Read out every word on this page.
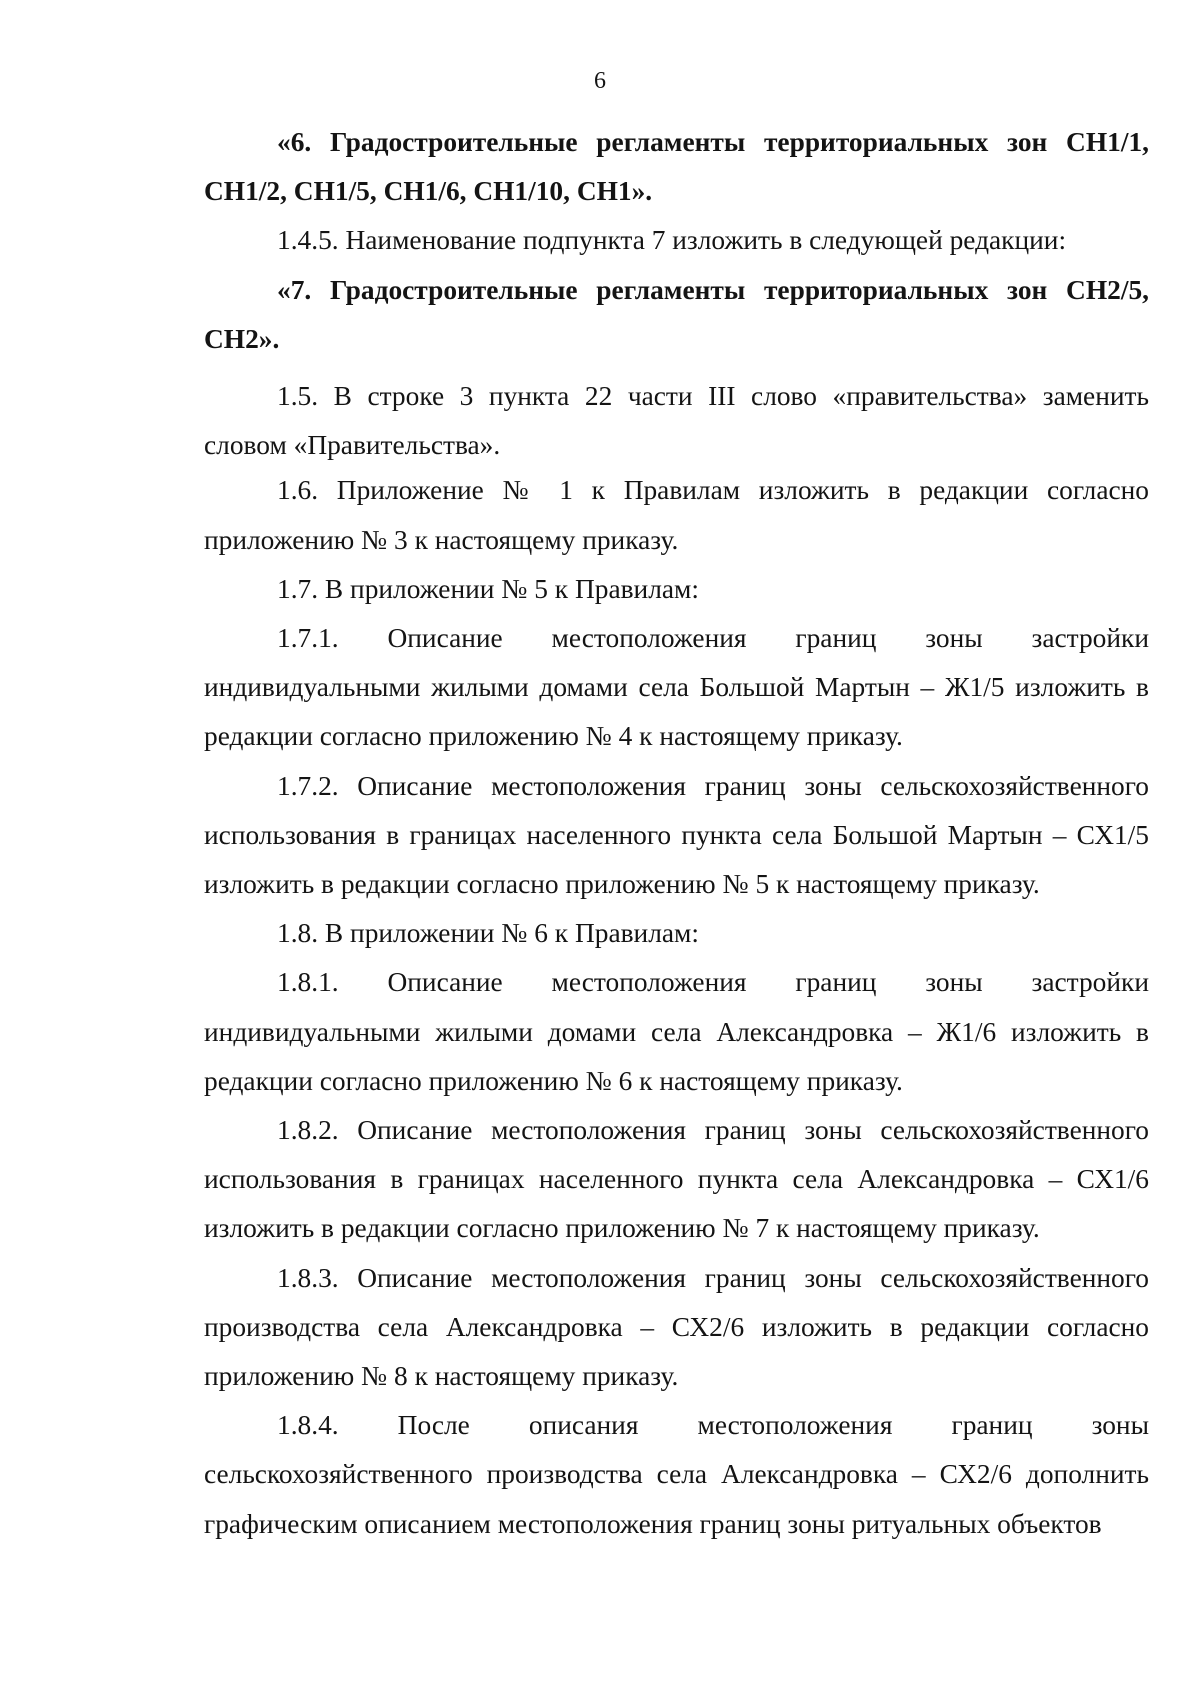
6

«6. Градостроительные регламенты территориальных зон СН1/1, СН1/2, СН1/5, СН1/6, СН1/10, СН1».

1.4.5. Наименование подпункта 7 изложить в следующей редакции:

«7. Градостроительные регламенты территориальных зон СН2/5, СН2».

1.5. В строке 3 пункта 22 части III слово «правительства» заменить словом «Правительства».

1.6. Приложение № 1 к Правилам изложить в редакции согласно приложению № 3 к настоящему приказу.

1.7. В приложении № 5 к Правилам:

1.7.1. Описание местоположения границ зоны застройки индивидуальными жилыми домами села Большой Мартын – Ж1/5 изложить в редакции согласно приложению № 4 к настоящему приказу.

1.7.2. Описание местоположения границ зоны сельскохозяйственного использования в границах населенного пункта села Большой Мартын – СХ1/5 изложить в редакции согласно приложению № 5 к настоящему приказу.

1.8. В приложении № 6 к Правилам:

1.8.1. Описание местоположения границ зоны застройки индивидуальными жилыми домами села Александровка – Ж1/6 изложить в редакции согласно приложению № 6 к настоящему приказу.

1.8.2. Описание местоположения границ зоны сельскохозяйственного использования в границах населенного пункта села Александровка – СХ1/6 изложить в редакции согласно приложению № 7 к настоящему приказу.

1.8.3. Описание местоположения границ зоны сельскохозяйственного производства села Александровка – СХ2/6 изложить в редакции согласно приложению № 8 к настоящему приказу.

1.8.4. После описания местоположения границ зоны сельскохозяйственного производства села Александровка – СХ2/6 дополнить графическим описанием местоположения границ зоны ритуальных объектов
